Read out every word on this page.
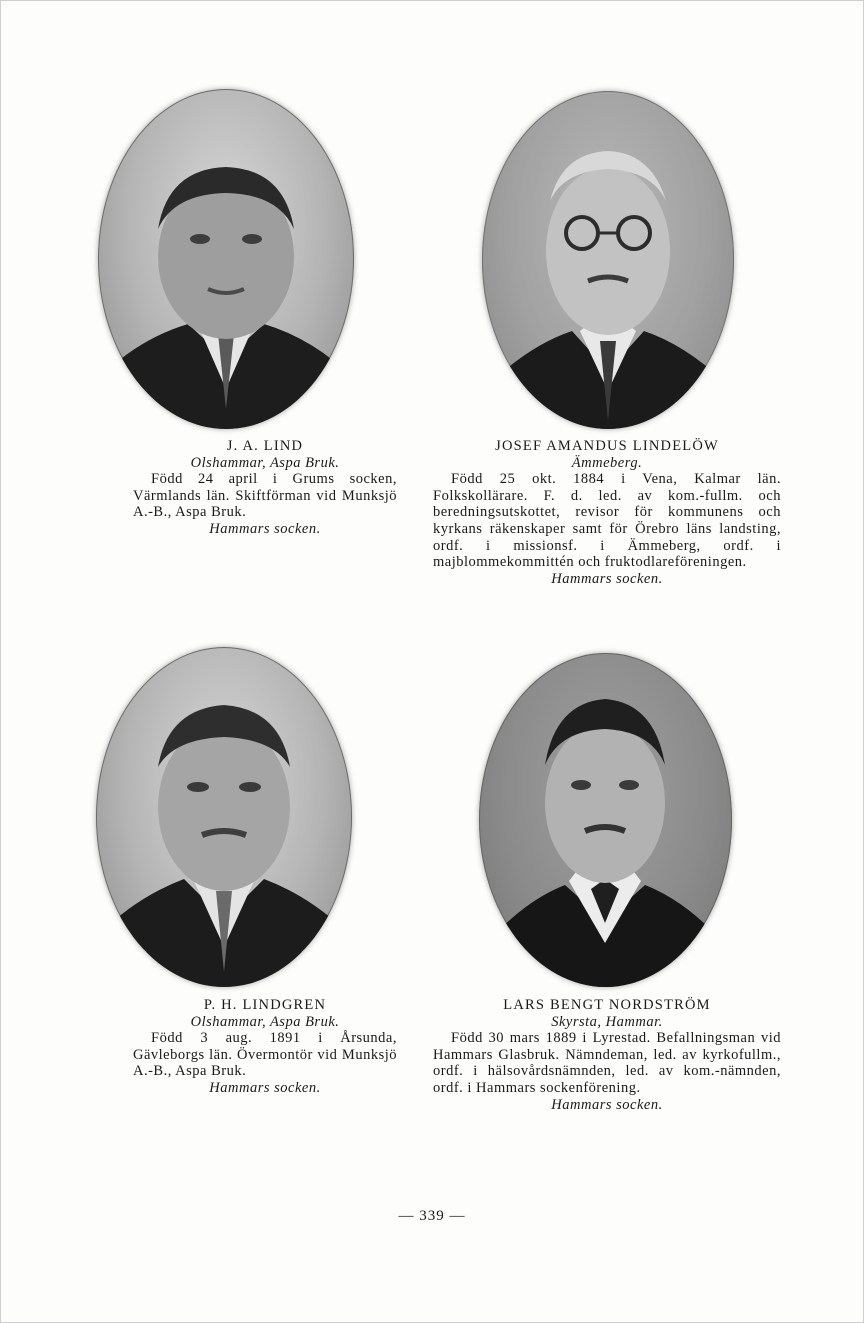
J. A. LIND
Olshammar, Aspa Bruk.
Född 24 april i Grums socken, Värmlands län. Skiftförman vid Munksjö A.-B., Aspa Bruk.
Hammars socken.
JOSEF AMANDUS LINDELÖW
Ämmeberg.
Född 25 okt. 1884 i Vena, Kalmar län. Folkskollärare. F. d. led. av kom.-fullm. och beredningsutskottet, revisor för kommunens och kyrkans räkenskaper samt för Örebro läns landsting, ordf. i missionsf. i Ämmeberg, ordf. i majblommekommittén och fruktodlareföreningen.
Hammars socken.
P. H. LINDGREN
Olshammar, Aspa Bruk.
Född 3 aug. 1891 i Årsunda, Gävleborgs län. Övermontör vid Munksjö A.-B., Aspa Bruk.
Hammars socken.
LARS BENGT NORDSTRÖM
Skyrsta, Hammar.
Född 30 mars 1889 i Lyrestad. Befallningsman vid Hammars Glasbruk. Nämndeman, led. av kyrkofullm., ordf. i hälsovårdsnämnden, led. av kom.-nämnden, ordf. i Hammars sockenförening.
Hammars socken.
— 339 —
